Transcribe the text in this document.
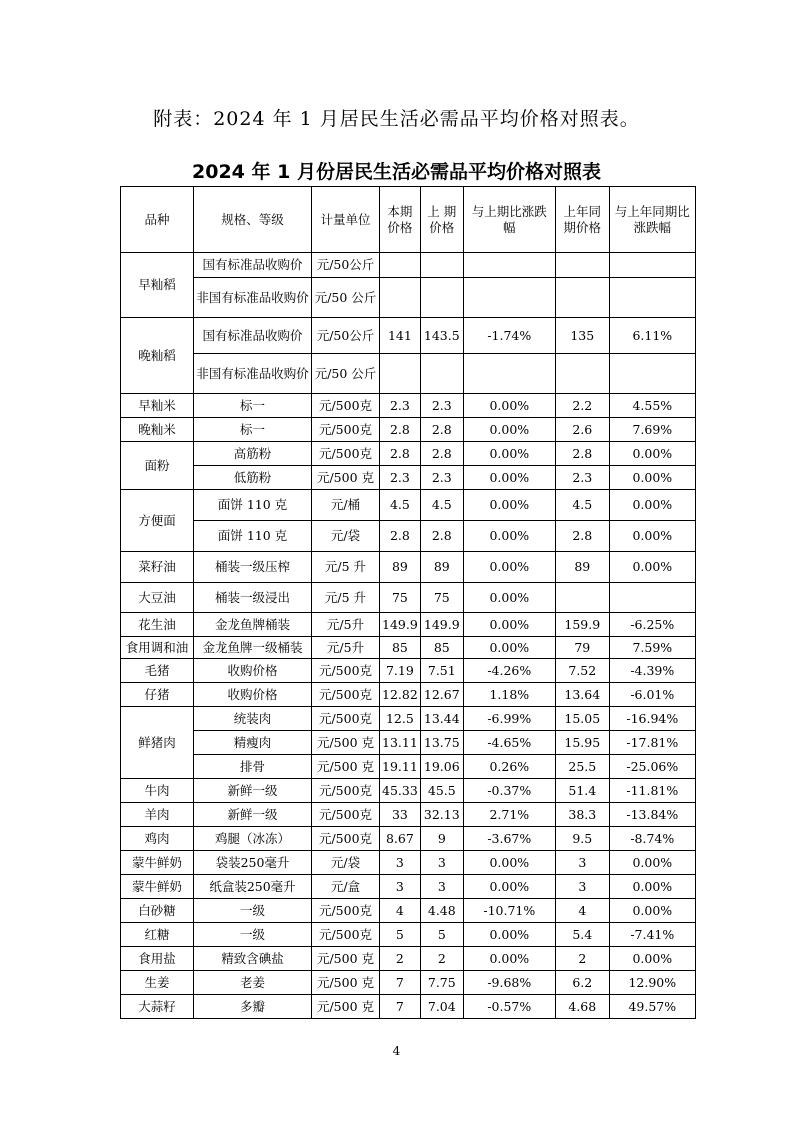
附表：2024 年 1 月居民生活必需品平均价格对照表。
2024 年 1 月份居民生活必需品平均价格对照表
品种	规格、等级	计量单位	本期价格	上 期价格	与上期比涨跌幅	上年同期价格	与上年同期比涨跌幅
早籼稻	国有标准品收购价	元/50公斤					
	非国有标准品收购价	元/50 公斤					
晚籼稻	国有标准品收购价	元/50公斤	141	143.5	-1.74%	135	6.11%
	非国有标准品收购价	元/50 公斤					
早籼米	标一	元/500克	2.3	2.3	0.00%	2.2	4.55%
晚籼米	标一	元/500克	2.8	2.8	0.00%	2.6	7.69%
面粉	高筋粉	元/500克	2.8	2.8	0.00%	2.8	0.00%
	低筋粉	元/500 克	2.3	2.3	0.00%	2.3	0.00%
方便面	面饼 110 克	元/桶	4.5	4.5	0.00%	4.5	0.00%
	面饼 110 克	元/袋	2.8	2.8	0.00%	2.8	0.00%
菜籽油	桶装一级压榨	元/5 升	89	89	0.00%	89	0.00%
大豆油	桶装一级浸出	元/5 升	75	75	0.00%		
花生油	金龙鱼牌桶装	元/5升	149.9	149.9	0.00%	159.9	-6.25%
食用调和油	金龙鱼牌一级桶装	元/5升	85	85	0.00%	79	7.59%
毛猪	收购价格	元/500克	7.19	7.51	-4.26%	7.52	-4.39%
仔猪	收购价格	元/500克	12.82	12.67	1.18%	13.64	-6.01%
鲜猪肉	统装肉	元/500克	12.5	13.44	-6.99%	15.05	-16.94%
	精瘦肉	元/500 克	13.11	13.75	-4.65%	15.95	-17.81%
	排骨	元/500 克	19.11	19.06	0.26%	25.5	-25.06%
牛肉	新鲜一级	元/500克	45.33	45.5	-0.37%	51.4	-11.81%
羊肉	新鲜一级	元/500克	33	32.13	2.71%	38.3	-13.84%
鸡肉	鸡腿（冰冻）	元/500克	8.67	9	-3.67%	9.5	-8.74%
蒙牛鲜奶	袋装250毫升	元/袋	3	3	0.00%	3	0.00%
蒙牛鲜奶	纸盒装250毫升	元/盒	3	3	0.00%	3	0.00%
白砂糖	一级	元/500克	4	4.48	-10.71%	4	0.00%
红糖	一级	元/500克	5	5	0.00%	5.4	-7.41%
食用盐	精致含碘盐	元/500 克	2	2	0.00%	2	0.00%
生姜	老姜	元/500 克	7	7.75	-9.68%	6.2	12.90%
大蒜籽	多瓣	元/500 克	7	7.04	-0.57%	4.68	49.57%
4
